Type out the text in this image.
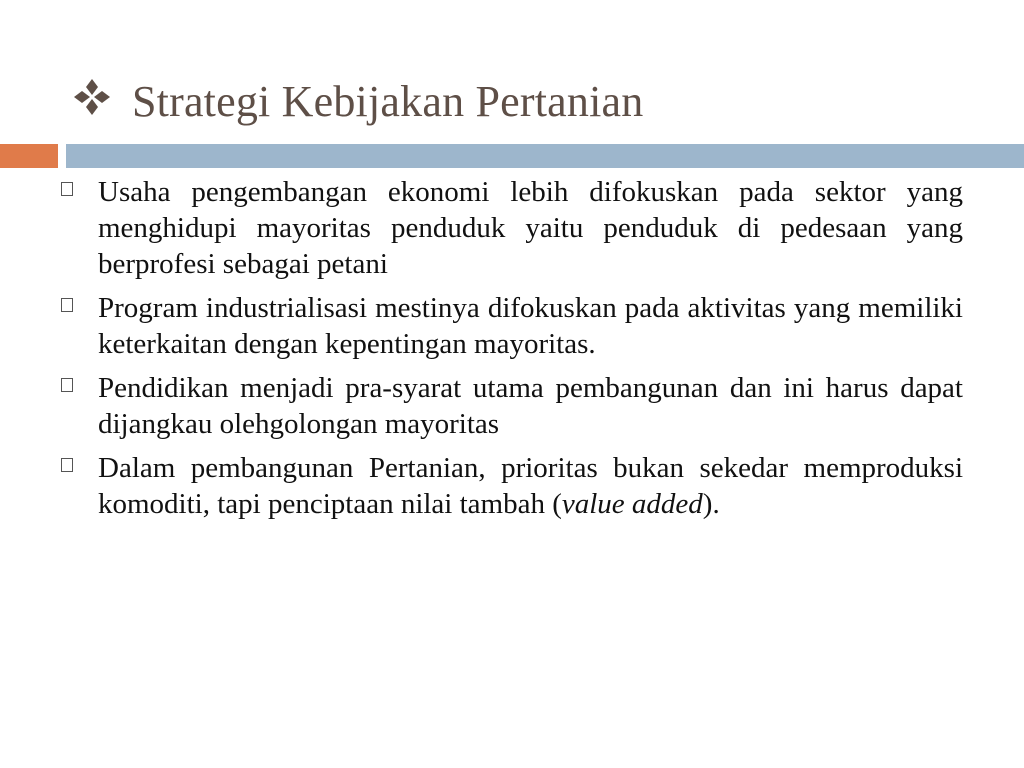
Strategi Kebijakan Pertanian
Usaha pengembangan ekonomi lebih difokuskan pada sektor yang menghidupi mayoritas penduduk yaitu penduduk di pedesaan yang berprofesi sebagai petani
Program industrialisasi mestinya difokuskan pada aktivitas yang memiliki keterkaitan dengan kepentingan mayoritas.
Pendidikan menjadi pra-syarat utama pembangunan dan ini harus dapat dijangkau olehgolongan mayoritas
Dalam pembangunan Pertanian, prioritas bukan sekedar memproduksi komoditi, tapi penciptaan nilai tambah (value added).
